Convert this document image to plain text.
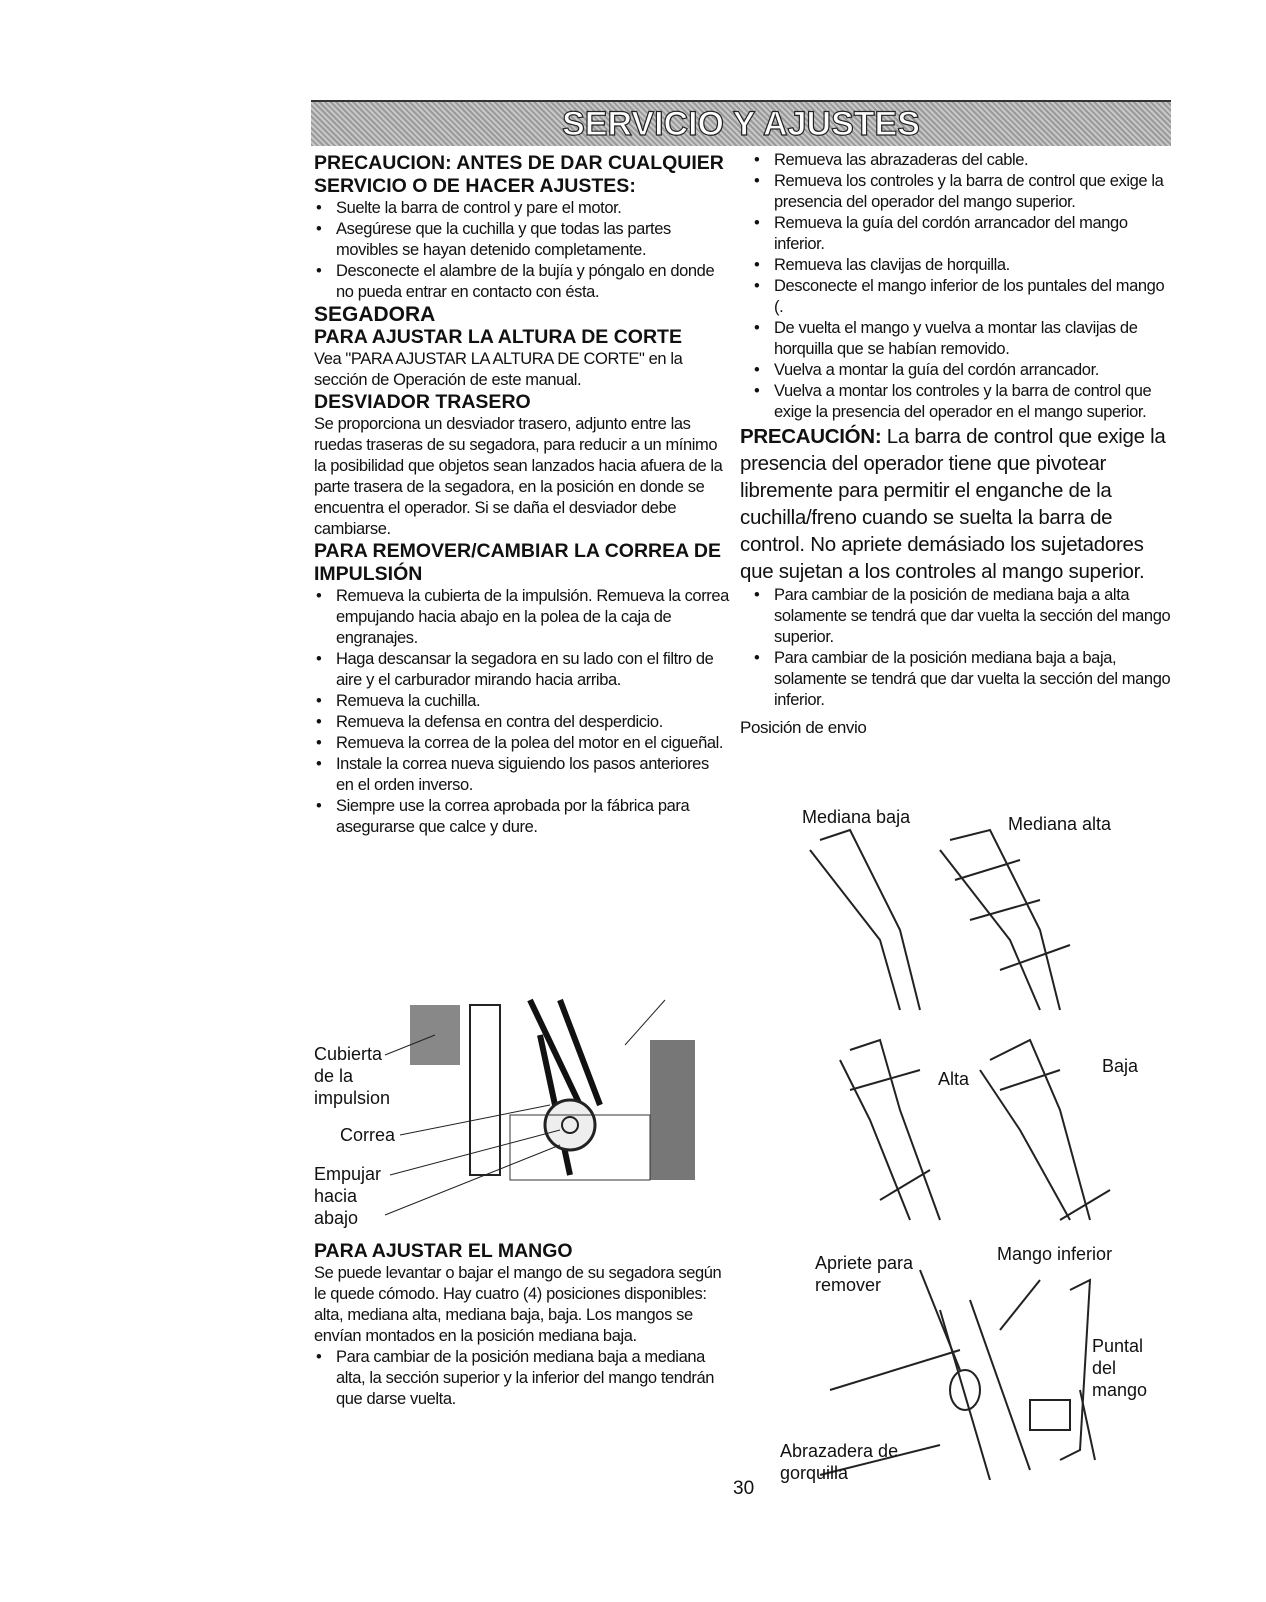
SERVICIO Y AJUSTES
PRECAUCION: ANTES DE DAR CUALQUIER SERVICIO O DE HACER AJUSTES:
• Suelte la barra de control y pare el motor.
• Asegúrese que la cuchilla y que todas las partes movibles se hayan detenido completamente.
• Desconecte el alambre de la bujía y póngalo en donde no pueda entrar en contacto con ésta.
SEGADORA
PARA AJUSTAR LA ALTURA DE CORTE

Vea "PARA AJUSTAR LA ALTURA DE CORTE" en la sección de Operación de este manual.

DESVIADOR TRASERO

Se proporciona un desviador trasero, adjunto entre las ruedas traseras de su segadora, para reducir a un mínimo la posibilidad que objetos sean lanzados hacia afuera de la parte trasera de la segadora, en la posición en donde se encuentra el operador. Si se daña el desviador debe cambiarse.

PARA REMOVER/CAMBIAR LA CORREA DE
IMPULSIÓN
• Remueva la cubierta de la impulsión. Remueva la correa empujando hacia abajo en la polea de la caja de engranajes.
• Haga descansar la segadora en su lado con el filtro de aire y el carburador mirando hacia arriba.
• Remueva la cuchilla.
• Remueva la defensa en contra del desperdicio.
• Remueva la correa de la polea del motor en el cigueñal.
• Instale la correa nueva siguiendo los pasos anteriores en el orden inverso.
• Siempre use la correa aprobada por la fábrica para asegurarse que calce y dure.
Cubierta de la impulsion
Correa
Empujar hacia abajo
PARA AJUSTAR EL MANGO

Se puede levantar o bajar el mango de su segadora según le quede cómodo. Hay cuatro (4) posiciones disponibles: alta, mediana alta, mediana baja, baja. Los mangos se envían montados en la posición mediana baja.

• Para cambiar de la posición mediana baja a mediana alta, la sección superior y la inferior del mango tendrán que darse vuelta.
• Remueva las abrazaderas del cable.
• Remueva los controles y la barra de control que exige la presencia del operador del mango superior.
• Remueva la guía del cordón arrancador del mango inferior.
• Remueva las clavijas de horquilla.
• Desconecte el mango inferior de los puntales del mango (.
• De vuelta el mango y vuelva a montar las clavijas de horquilla que se habían removido.
• Vuelva a montar la guía del cordón arrancador.
• Vuelva a montar los controles y la barra de control que exige la presencia del operador en el mango superior.

PRECAUCIÓN: La barra de control que exige la presencia del operador tiene que pivotear libremente para permitir el enganche de la cuchilla/freno cuando se suelta la barra de control. No apriete demásiado los sujetadores que sujetan a los controles al mango superior.

• Para cambiar de la posición de mediana baja a alta solamente se tendrá que dar vuelta la sección del mango superior.
• Para cambiar de la posición mediana baja a baja, solamente se tendrá que dar vuelta la sección del mango inferior.

Posición de envio

Mediana baja	Mediana alta
Alta
Baja
Apriete para remover
Mango inferior
Puntal del mango
Abrazadera de gorquilla
30
